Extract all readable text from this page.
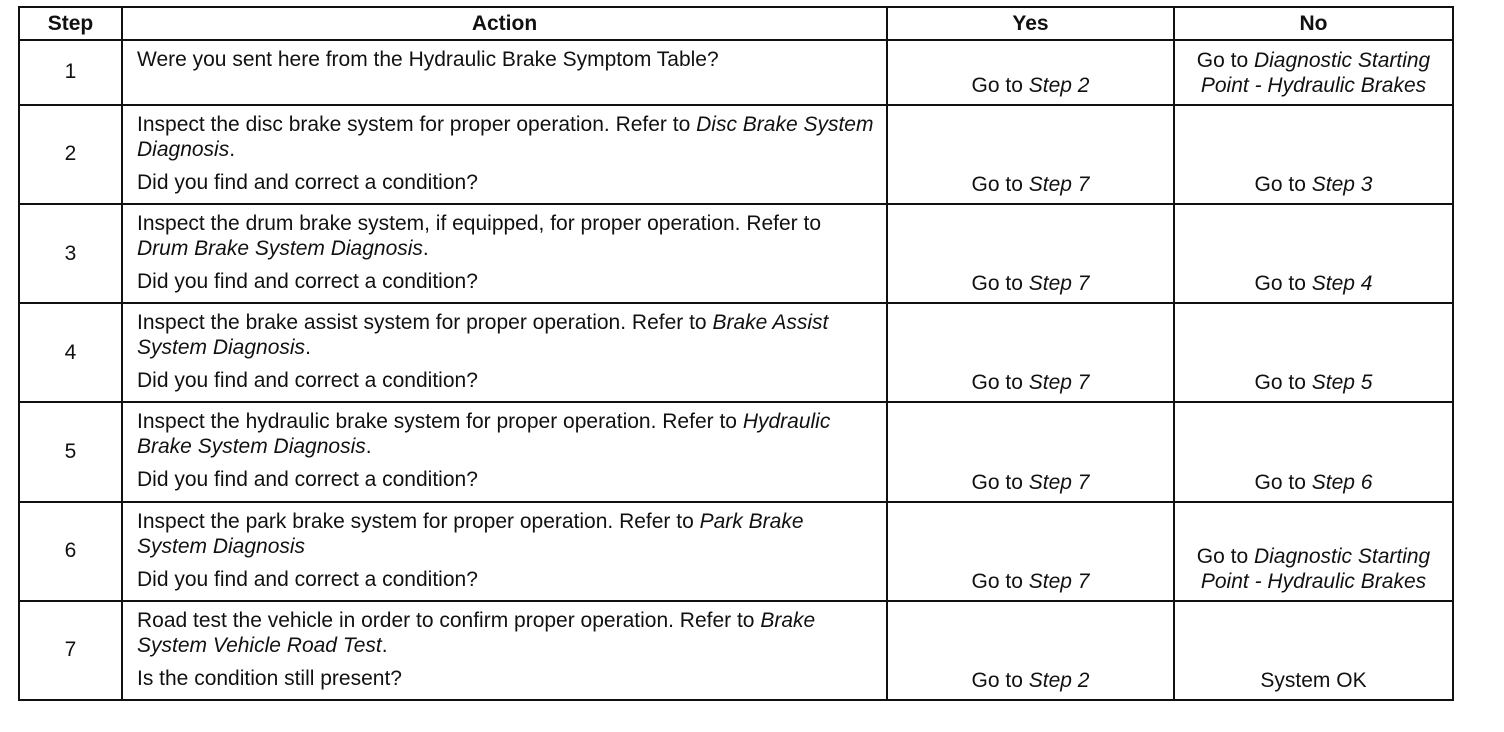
Step	Action	Yes	No
1	Were you sent here from the Hydraulic Brake Symptom Table?	Go to Step 2	Go to Diagnostic Starting Point - Hydraulic Brakes
2	Inspect the disc brake system for proper operation. Refer to Disc Brake System Diagnosis.
Did you find and correct a condition?	Go to Step 7	Go to Step 3
3	Inspect the drum brake system, if equipped, for proper operation. Refer to Drum Brake System Diagnosis.
Did you find and correct a condition?	Go to Step 7	Go to Step 4
4	Inspect the brake assist system for proper operation. Refer to Brake Assist System Diagnosis.
Did you find and correct a condition?	Go to Step 7	Go to Step 5
5	Inspect the hydraulic brake system for proper operation. Refer to Hydraulic Brake System Diagnosis.
Did you find and correct a condition?	Go to Step 7	Go to Step 6
6	Inspect the park brake system for proper operation. Refer to Park Brake System Diagnosis
Did you find and correct a condition?	Go to Step 7	Go to Diagnostic Starting Point - Hydraulic Brakes
7	Road test the vehicle in order to confirm proper operation. Refer to Brake System Vehicle Road Test.
Is the condition still present?	Go to Step 2	System OK
